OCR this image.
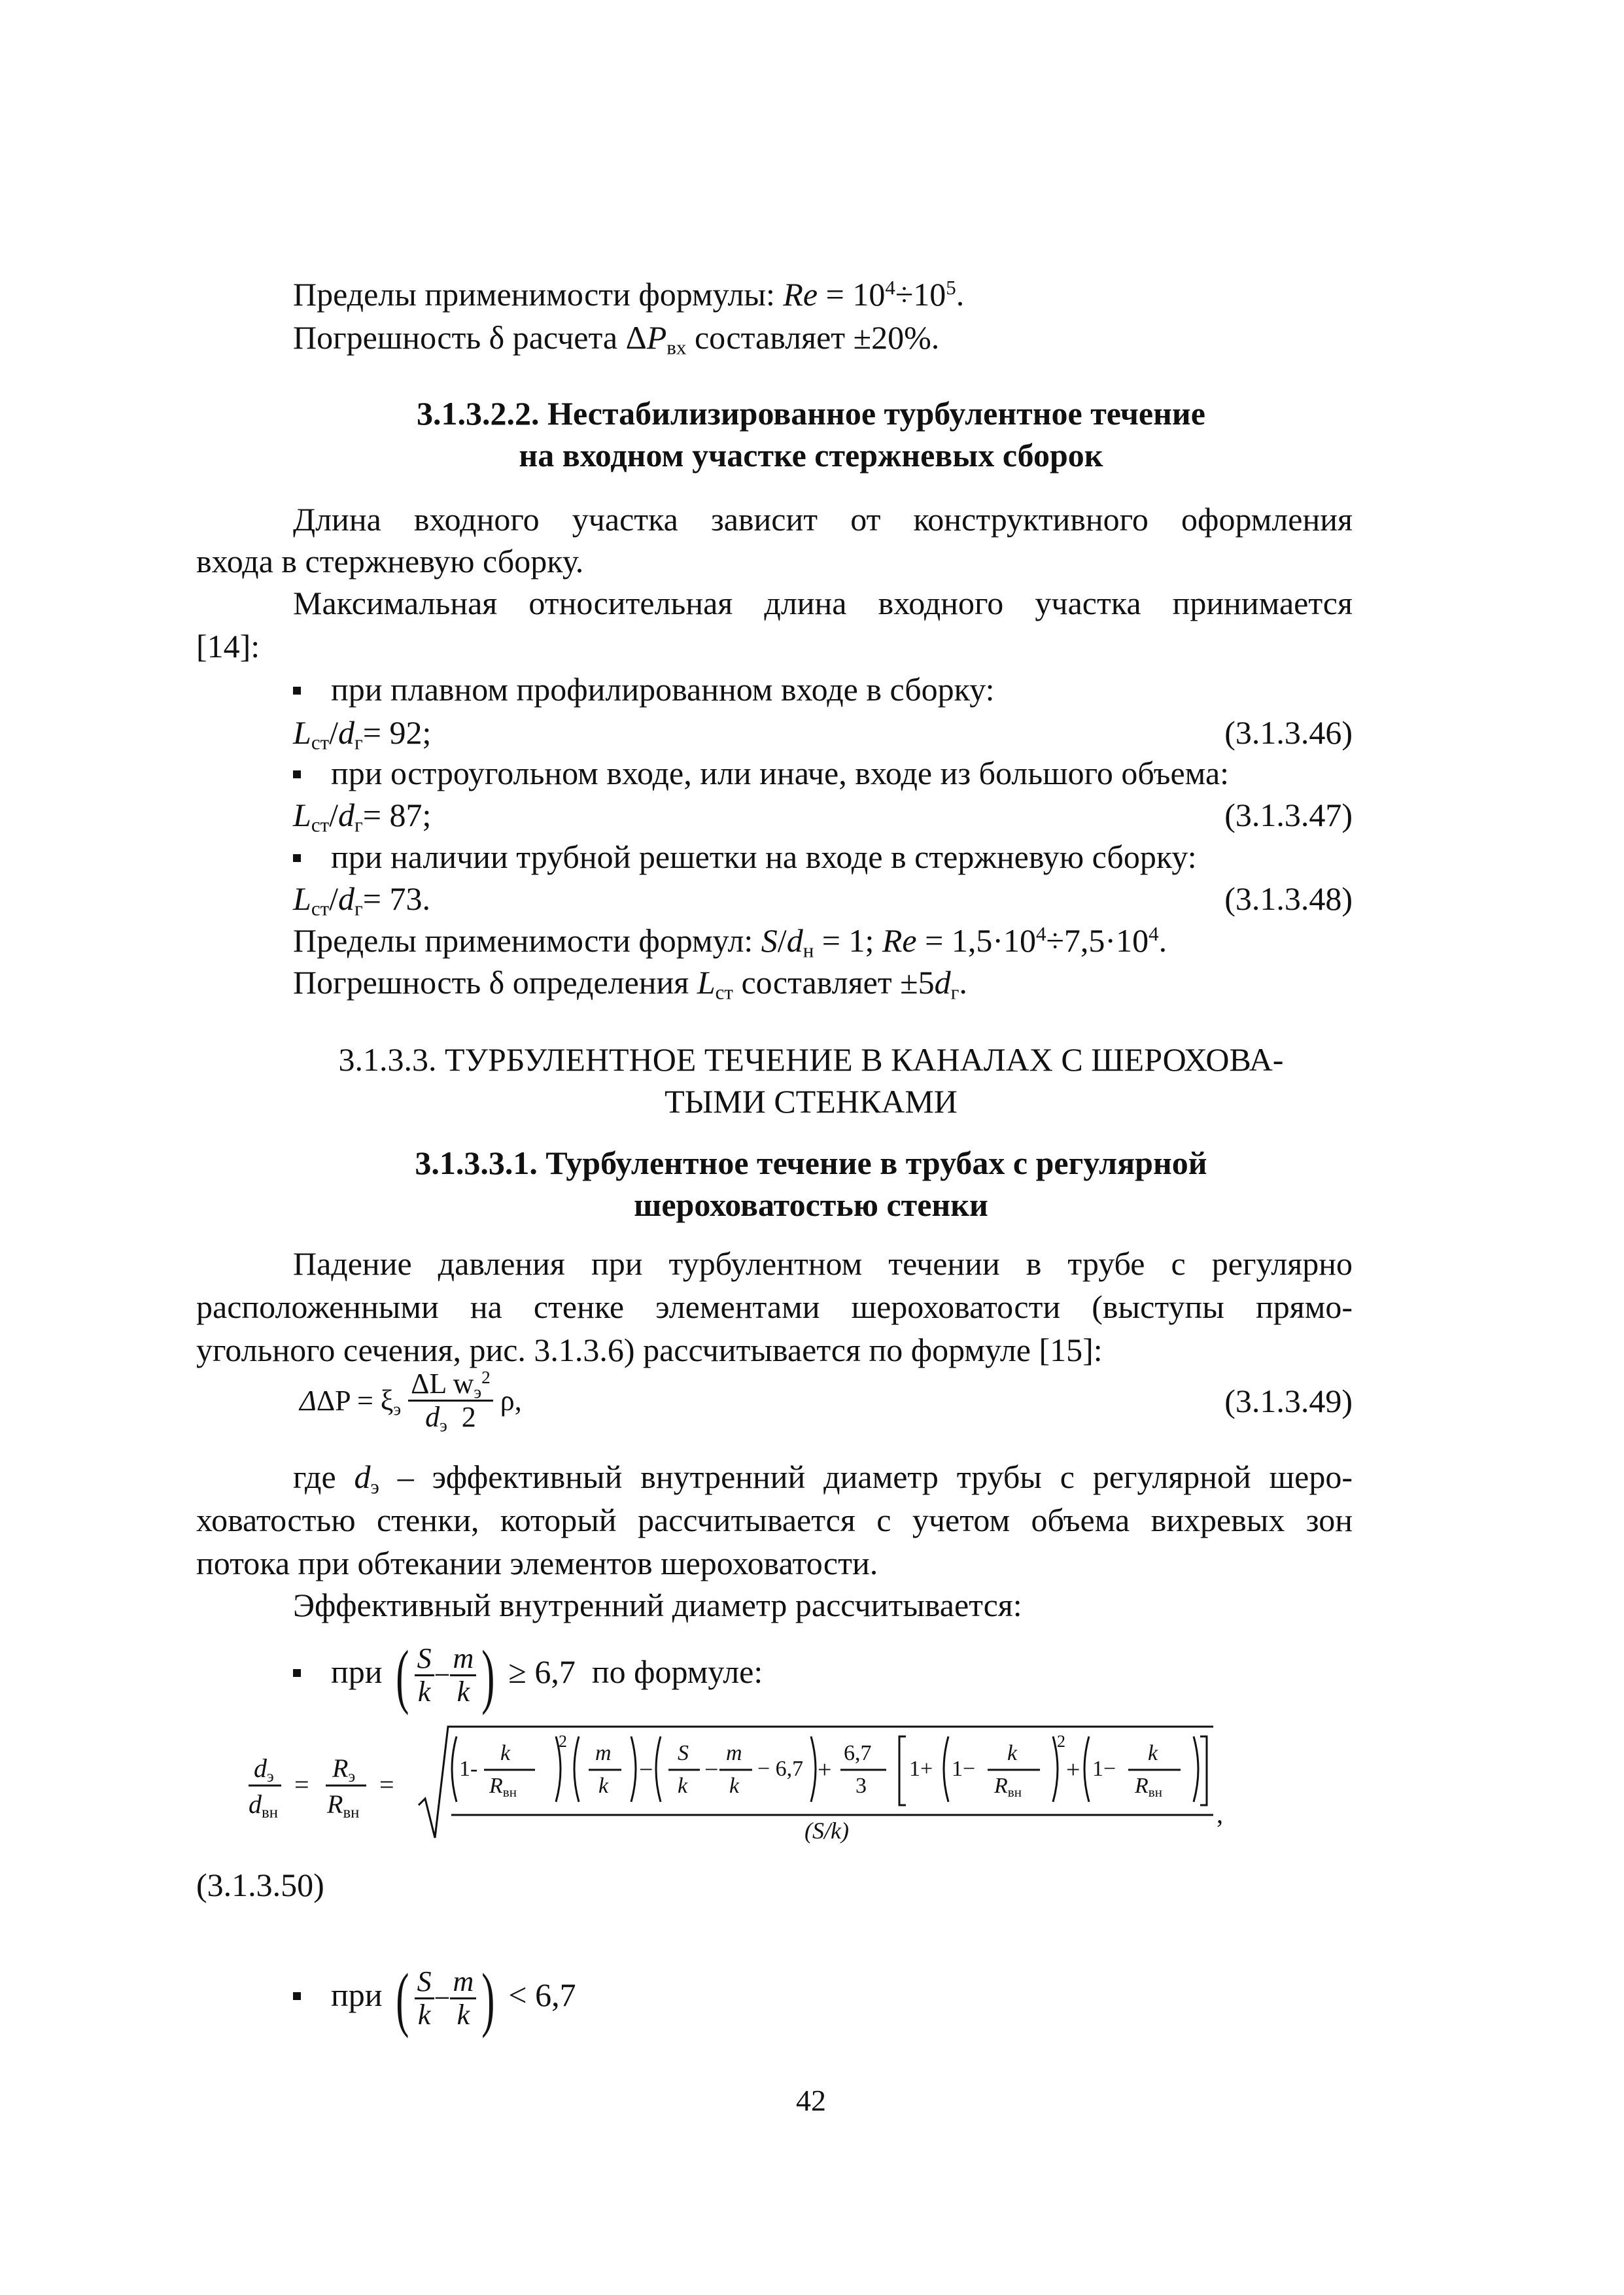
Пределы применимости формулы: $Re = 10^4\div 10^5$.
Погрешность δ расчета $\Delta P_{вх}$ составляет ±20%.
3.1.3.2.2. Нестабилизированное турбулентное течение
на входном участке стержневых сборок
Длина входного участка зависит от конструктивного оформления
входа в стержневую сборку.
Максимальная относительная длина входного участка принимается
[14]:
при плавном профилированном входе в сборку:
$L_{ст}/d_г= 92$;	(3.1.3.46)
при остроугольном входе, или иначе, входе из большого объема:
$L_{ст}/d_г= 87$;	(3.1.3.47)
при наличии трубной решетки на входе в стержневую сборку:
$L_{ст}/d_г= 73$.	(3.1.3.48)
Пределы применимости формул: $S/d_н = 1$; $Re = 1,5\cdot 10^4\div 7,5\cdot 10^4$.
Погрешность δ определения $L_{ст}$ составляет $\pm 5d_г$.
3.1.3.3. ТУРБУЛЕНТНОЕ ТЕЧЕНИЕ В КАНАЛАХ С ШЕРОХОВА-
ТЫМИ СТЕНКАМИ
3.1.3.3.1. Турбулентное течение в трубах с регулярной
шероховатостью стенки
Падение давления при турбулентном течении в трубе с регулярно
расположенными на стенке элементами шероховатости (выступы прямо-
угольного сечения, рис. 3.1.3.6) рассчитывается по формуле [15]:
$\Delta\Delta P = \xi_э \frac{\Delta L w_э^2}{d_э 2} \rho$,	(3.1.3.49)
где $d_э$ – эффективный внутренний диаметр трубы с регулярной шеро-
ховатостью стенки, который рассчитывается с учетом объема вихревых зон
потока при обтекании элементов шероховатости.
Эффективный внутренний диаметр рассчитывается:
при ( $\frac{S}{k} - \frac{m}{k}$ ) ≥ 6,7 по формуле:
$d_э$
$d_{вн}$
=
$R_э$
$R_{вн}$
=
1-
k
$R_{вн}$
2 m
k
−
S
k
−
m
k
− 6,7 +
6,7
3
1+ 1−
k
$R_{вн}$
2
+ 1−
k
$R_{вн}$
(S/k)
,
(3.1.3.50)
при ( $\frac{S}{k} - \frac{m}{k}$ ) < 6,7
42
